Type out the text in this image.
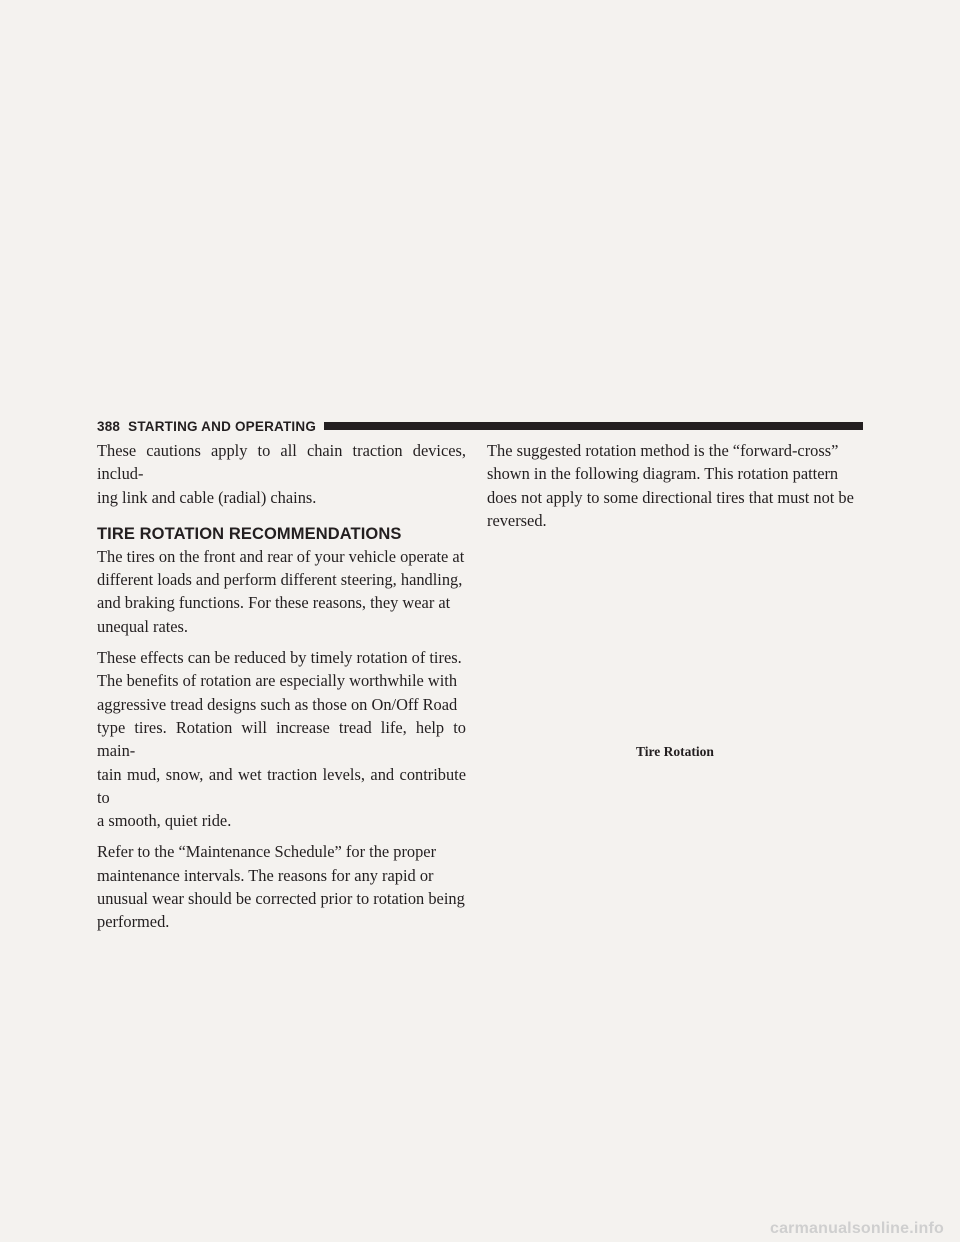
388 STARTING AND OPERATING

These cautions apply to all chain traction devices, includ-
ing link and cable (radial) chains.

TIRE ROTATION RECOMMENDATIONS

The tires on the front and rear of your vehicle operate at
different loads and perform different steering, handling,
and braking functions. For these reasons, they wear at
unequal rates.

These effects can be reduced by timely rotation of tires.
The benefits of rotation are especially worthwhile with
aggressive tread designs such as those on On/Off Road
type tires. Rotation will increase tread life, help to main-
tain mud, snow, and wet traction levels, and contribute to
a smooth, quiet ride.

Refer to the “Maintenance Schedule” for the proper
maintenance intervals. The reasons for any rapid or
unusual wear should be corrected prior to rotation being
performed.

The suggested rotation method is the “forward-cross”
shown in the following diagram. This rotation pattern
does not apply to some directional tires that must not be
reversed.

Tire Rotation
carmanualsonline.info
